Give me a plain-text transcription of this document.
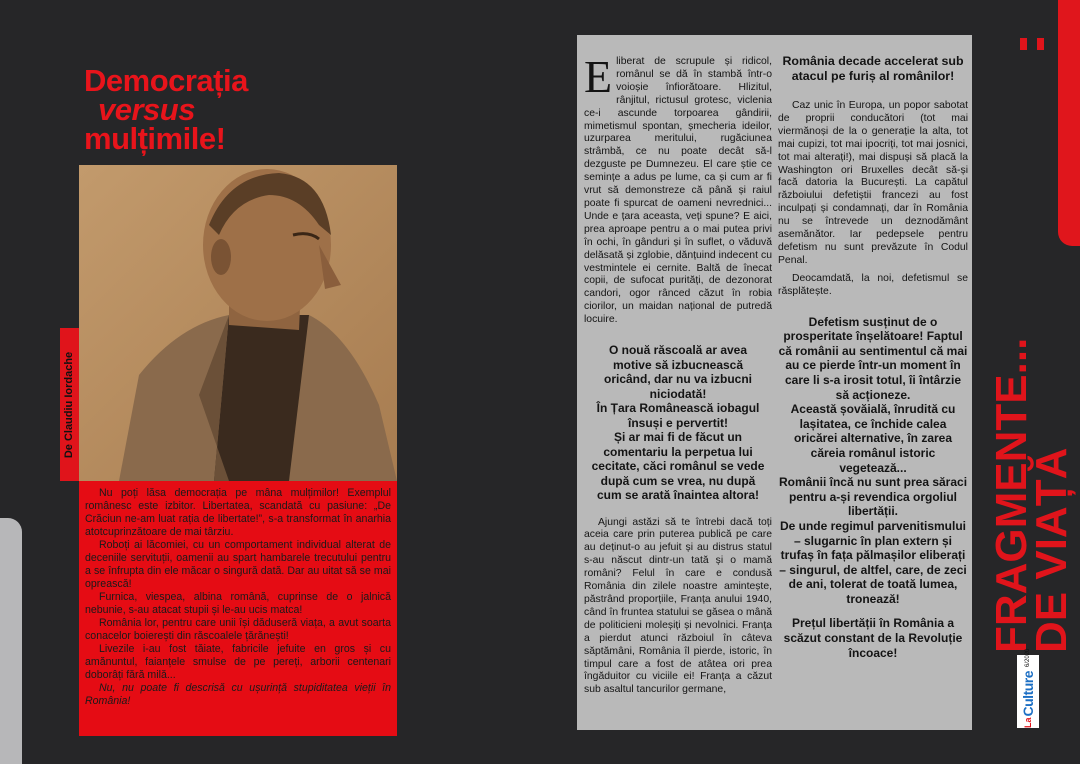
Democrația
versus
mulțimile!
De Claudiu Iordache

Nu poți lăsa democrația pe mâna mulțimilor! Exemplul românesc este izbitor. Libertatea, scandată cu pasiune: „De Crăciun ne-am luat rația de libertate!”, s-a transformat în anarhia atotcuprinzătoare de mai târziu.

Roboți ai lăcomiei, cu un comportament individual alterat de deceniile servituții, oamenii au spart hambarele trecutului pentru a se înfrupta din ele măcar o singură dată. Dar au uitat să se mai oprească!

Furnica, viespea, albina română, cuprinse de o jalnică nebunie, s-au atacat stupii și le-au ucis matca!

România lor, pentru care unii își dăduseră viața, a avut soarta conacelor boierești din răscoalele țărănești!

Livezile i-au fost tăiate, fabricile jefuite en gros și cu amănuntul, faianțele smulse de pe pereți, arborii centenari doborâți fără milă...

Nu, nu poate fi descrisă cu ușurință stupiditatea vieții în România!

Eliberat de scrupule și ridicol, românul se dă în stambă într-o voioșie înfiorătoare. Hlizitul, rânjitul, rictusul grotesc, viclenia ce-i ascunde torpoarea gândirii, mimetismul spontan, șmecheria ideilor, uzurparea meritului, rugăciunea strâmbă, ce nu poate decât să-l dezguste pe Dumnezeu. El care știe ce semințe a adus pe lume, ca și cum ar fi vrut să demonstreze că până și raiul poate fi spurcat de oameni nevrednici... Unde e țara aceasta, veți spune? E aici, prea aproape pentru a o mai putea privi în ochi, în gânduri și în suflet, o văduvă delăsată și zglobie, dănțuind indecent cu vestmintele ei cernite. Baltă de înecat copii, de sufocat purități, de dezonorat candori, ogor rânced căzut în robia ciorilor, un maidan național de putredă locuire.

O nouă răscoală ar avea motive să izbucnească oricând, dar nu va izbucni niciodată!

În Țara Românească iobagul însuși e pervertit!

Și ar mai fi de făcut un comentariu la perpetua lui cecitate, căci românul se vede după cum se vrea, nu după cum se arată înaintea altora!

Ajungi astăzi să te întrebi dacă toți aceia care prin puterea publică pe care au deținut-o au jefuit și au distrus statul s-au născut dintr-un tată și o mamă români? Felul în care e condusă România din zilele noastre amintește, păstrând proporțiile, Franța anului 1940, când în fruntea statului se găsea o mână de politicieni moleșiți și nevolnici. Franța a pierdut atunci războiul în câteva săptămâni, România îl pierde, istoric, în timpul care a fost de atâtea ori prea îngăduitor cu viciile ei! Franța a căzut sub asaltul tancurilor germane,

România decade accelerat sub atacul pe furiș al românilor!

Caz unic în Europa, un popor sabotat de proprii conducători (tot mai viermănoși de la o generație la alta, tot mai cupizi, tot mai ipocriți, tot mai josnici, tot mai alterați!), mai dispuși să placă la Washington ori Bruxelles decât să-și facă datoria la București. La capătul războiului defetiștii francezi au fost inculpați și condamnați, dar în România nu se întrevede un deznodământ asemănător. Iar pedepsele pentru defetism nu sunt prevăzute în Codul Penal.

Deocamdată, la noi, defetismul se răsplătește.

Defetism susținut de o prosperitate înșelătoare! Faptul că românii au sentimentul că mai au ce pierde într-un moment în care li s-a irosit totul, îi întârzie să acționeze.

Această șovăială, înrudită cu lașitatea, ce închide calea oricărei alternative, în zarea căreia românul istoric vegetează...

Românii încă nu sunt prea săraci pentru a-și revendica orgoliul libertății.

De unde regimul parvenitismului – slugarnic în plan extern și trufaș în fața pălmașilor eliberați – singurul, de altfel, care, de zeci de ani, tolerat de toată lumea, tronează!

Prețul libertății în România a scăzut constant de la Revoluție încoace!	FRAGMENTE...
DE VIAȚĂ
La
Culture
6/2020
